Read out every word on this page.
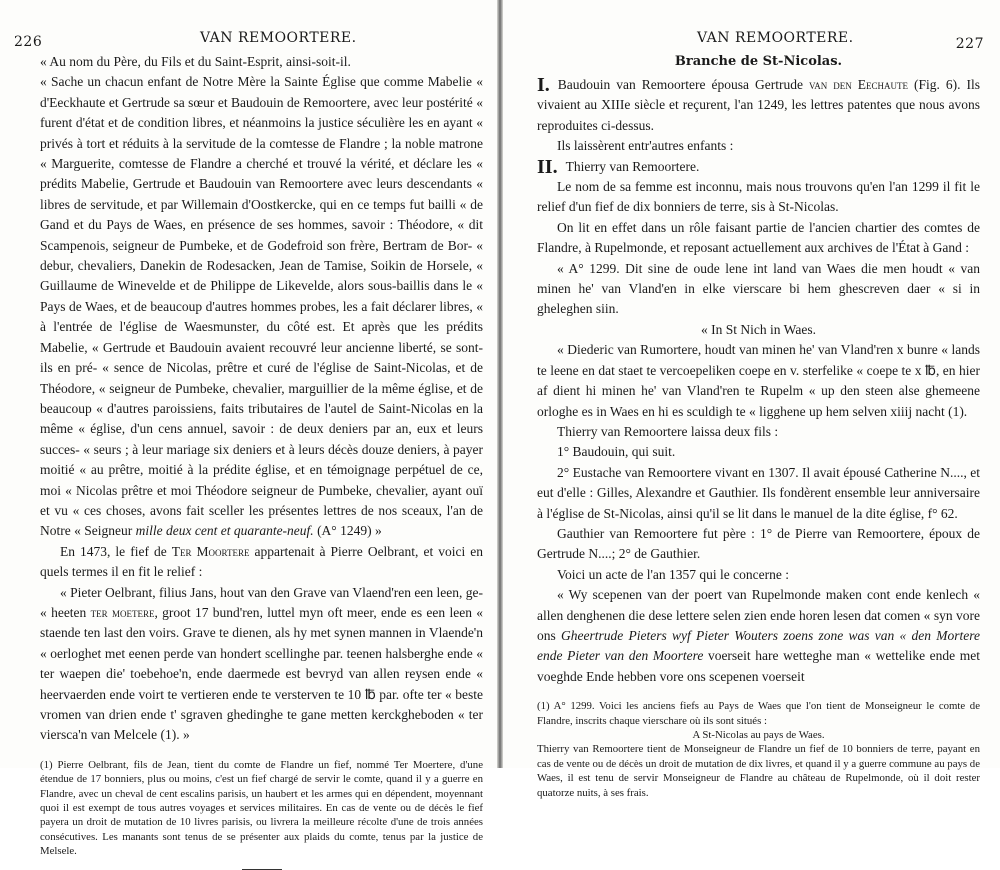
226	VAN REMOORTERE.

« Au nom du Père, du Fils et du Saint-Esprit, ainsi-soit-il.

« Sache un chacun enfant de Notre Mère la Sainte Église que comme Mabelie « d'Eeckhaute et Gertrude sa sœur et Baudouin de Remoortere, avec leur postérité « furent d'état et de condition libres, et néanmoins la justice séculière les en ayant « privés à tort et réduits à la servitude de la comtesse de Flandre ; la noble matrone « Marguerite, comtesse de Flandre a cherché et trouvé la vérité, et déclare les « prédits Mabelie, Gertrude et Baudouin van Remoortere avec leurs descendants « libres de servitude, et par Willemain d'Oostkercke, qui en ce temps fut bailli « de Gand et du Pays de Waes, en présence de ses hommes, savoir : Théodore, « dit Scampenois, seigneur de Pumbeke, et de Godefroid son frère, Bertram de Bor- « debur, chevaliers, Danekin de Rodesacken, Jean de Tamise, Soikin de Horsele, « Guillaume de Winevelde et de Philippe de Likevelde, alors sous-baillis dans le « Pays de Waes, et de beaucoup d'autres hommes probes, les a fait déclarer libres, « à l'entrée de l'église de Waesmunster, du côté est. Et après que les prédits Mabelie, « Gertrude et Baudouin avaient recouvré leur ancienne liberté, se sont-ils en pré- « sence de Nicolas, prêtre et curé de l'église de Saint-Nicolas, et de Théodore, « seigneur de Pumbeke, chevalier, marguillier de la même église, et de beaucoup « d'autres paroissiens, faits tributaires de l'autel de Saint-Nicolas en la même « église, d'un cens annuel, savoir : de deux deniers par an, eux et leurs succes- « seurs ; à leur mariage six deniers et à leurs décès douze deniers, à payer moitié « au prêtre, moitié à la prédite église, et en témoignage perpétuel de ce, moi « Nicolas prêtre et moi Théodore seigneur de Pumbeke, chevalier, ayant ouï et vu « ces choses, avons fait sceller les présentes lettres de nos sceaux, l'an de Notre « Seigneur mille deux cent et quarante-neuf. (A° 1249) »

En 1473, le fief de Ter Moortere appartenait à Pierre Oelbrant, et voici en quels termes il en fit le relief :

« Pieter Oelbrant, filius Jans, hout van den Grave van Vlaend'ren een leen, ge- « heeten ter moetere, groot 17 bund'ren, luttel myn oft meer, ende es een leen « staende ten last den voirs. Grave te dienen, als hy met synen mannen in Vlaende'n « oerloghet met eenen perde van hondert scellinghe par. teenen halsberghe ende « ter waepen die' toebehoe'n, ende daermede est bevryd van allen reysen ende « heervaerden ende voirt te vertieren ende te versterven te 10 ℔ par. ofte ter « beste vromen van drien ende t' sgraven ghedinghe te gane metten kerckgheboden « ter vierscа'n van Melcele (1). »

(1) Pierre Oelbrant, fils de Jean, tient du comte de Flandre un fief, nommé Ter Moertere, d'une étendue de 17 bonniers, plus ou moins, c'est un fief chargé de servir le comte, quand il y a guerre en Flandre, avec un cheval de cent escalins parisis, un haubert et les armes qui en dépendent, moyennant quoi il est exempt de tous autres voyages et services militaires. En cas de vente ou de décès le fief payera un droit de mutation de 10 livres parisis, ou livrera la meilleure récolte d'une de trois années consécutives. Les manants sont tenus de se présenter aux plaids du comte, tenus par la justice de Melsele.

VAN REMOORTERE.	227
Branche de St-Nicolas.

I. Baudouin van Remoortere épousa Gertrude van den Eechaute (Fig. 6). Ils vivaient au XIIIe siècle et reçurent, l'an 1249, les lettres patentes que nous avons reproduites ci-dessus.

Ils laissèrent entr'autres enfants :

II. Thierry van Remoortere.

Le nom de sa femme est inconnu, mais nous trouvons qu'en l'an 1299 il fit le relief d'un fief de dix bonniers de terre, sis à St-Nicolas.

On lit en effet dans un rôle faisant partie de l'ancien chartier des comtes de Flandre, à Rupelmonde, et reposant actuellement aux archives de l'État à Gand :

« A° 1299. Dit sine de oude lene int land van Waes die men houdt « van minen he' van Vland'en in elke vierscare bi hem ghescreven daer « si in gheleghen siin.

« In St Nich in Waes.

« Diederic van Rumortere, houdt van minen he' van Vland'ren x bunre « lands te leene en dat staet te vercoepeliken coepe en v. sterfelike « coepe te x ℔, en hier af dient hi minen he' van Vland'ren te Rupelm « up den steen alse ghemeene orloghe es in Waes en hi es sculdigh te « ligghene up hem selven xiiij nacht (1).

Thierry van Remoortere laissa deux fils :

1° Baudouin, qui suit.

2° Eustache van Remoortere vivant en 1307. Il avait épousé Catherine N...., et eut d'elle : Gilles, Alexandre et Gauthier. Ils fondèrent ensemble leur anniversaire à l'église de St-Nicolas, ainsi qu'il se lit dans le manuel de la dite église, f° 62.

Gauthier van Remoortere fut père : 1° de Pierre van Remoortere, époux de Gertrude N....; 2° de Gauthier.

Voici un acte de l'an 1357 qui le concerne :

« Wy scepenen van der poert van Rupelmonde maken cont ende kenlech « allen denghenen die dese lettere selen zien ende horen lesen dat comen « syn vore ons Gheertrude Pieters wyf Pieter Wouters zoens zone was van « den Mortere ende Pieter van den Moortere voerseit hare wetteghe man « wettelike ende met voeghde Ende hebben vore ons scepenen voerseit

(1) A° 1299. Voici les anciens fiefs au Pays de Waes que l'on tient de Monseigneur le comte de Flandre, inscrits chaque vierschare où ils sont situés :

A St-Nicolas au pays de Waes.

Thierry van Remoortere tient de Monseigneur de Flandre un fief de 10 bonniers de terre, payant en cas de vente ou de décès un droit de mutation de dix livres, et quand il y a guerre commune au pays de Waes, il est tenu de servir Monseigneur de Flandre au château de Rupelmonde, où il doit rester quatorze nuits, à ses frais.
